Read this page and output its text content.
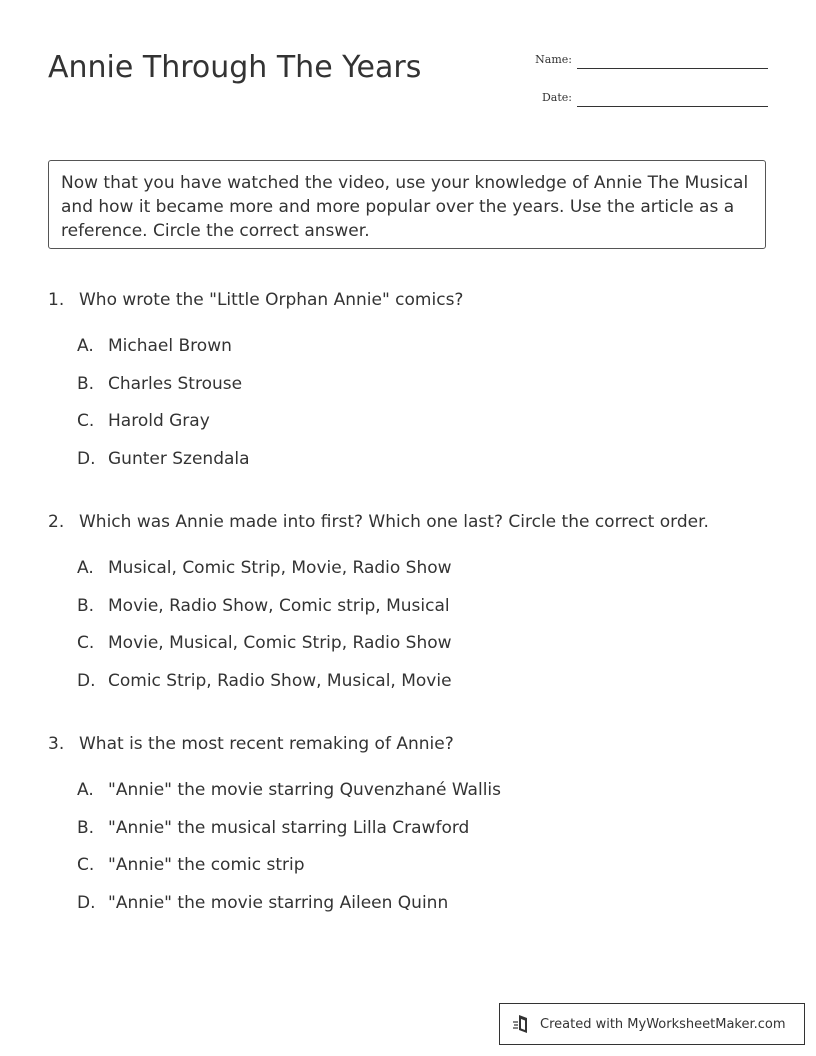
Annie Through The Years	Name:
Date:
Now that you have watched the video, use your knowledge of Annie The Musical and how it became more and more popular over the years. Use the article as a reference. Circle the correct answer.
1. Who wrote the "Little Orphan Annie" comics?
A. Michael Brown
B. Charles Strouse
C. Harold Gray
D. Gunter Szendala
2. Which was Annie made into first? Which one last? Circle the correct order.
A. Musical, Comic Strip, Movie, Radio Show
B. Movie, Radio Show, Comic strip, Musical
C. Movie, Musical, Comic Strip, Radio Show
D. Comic Strip, Radio Show, Musical, Movie
3. What is the most recent remaking of Annie?
A. "Annie" the movie starring Quvenzhané Wallis
B. "Annie" the musical starring Lilla Crawford
C. "Annie" the comic strip
D. "Annie" the movie starring Aileen Quinn
Created with MyWorksheetMaker.com
